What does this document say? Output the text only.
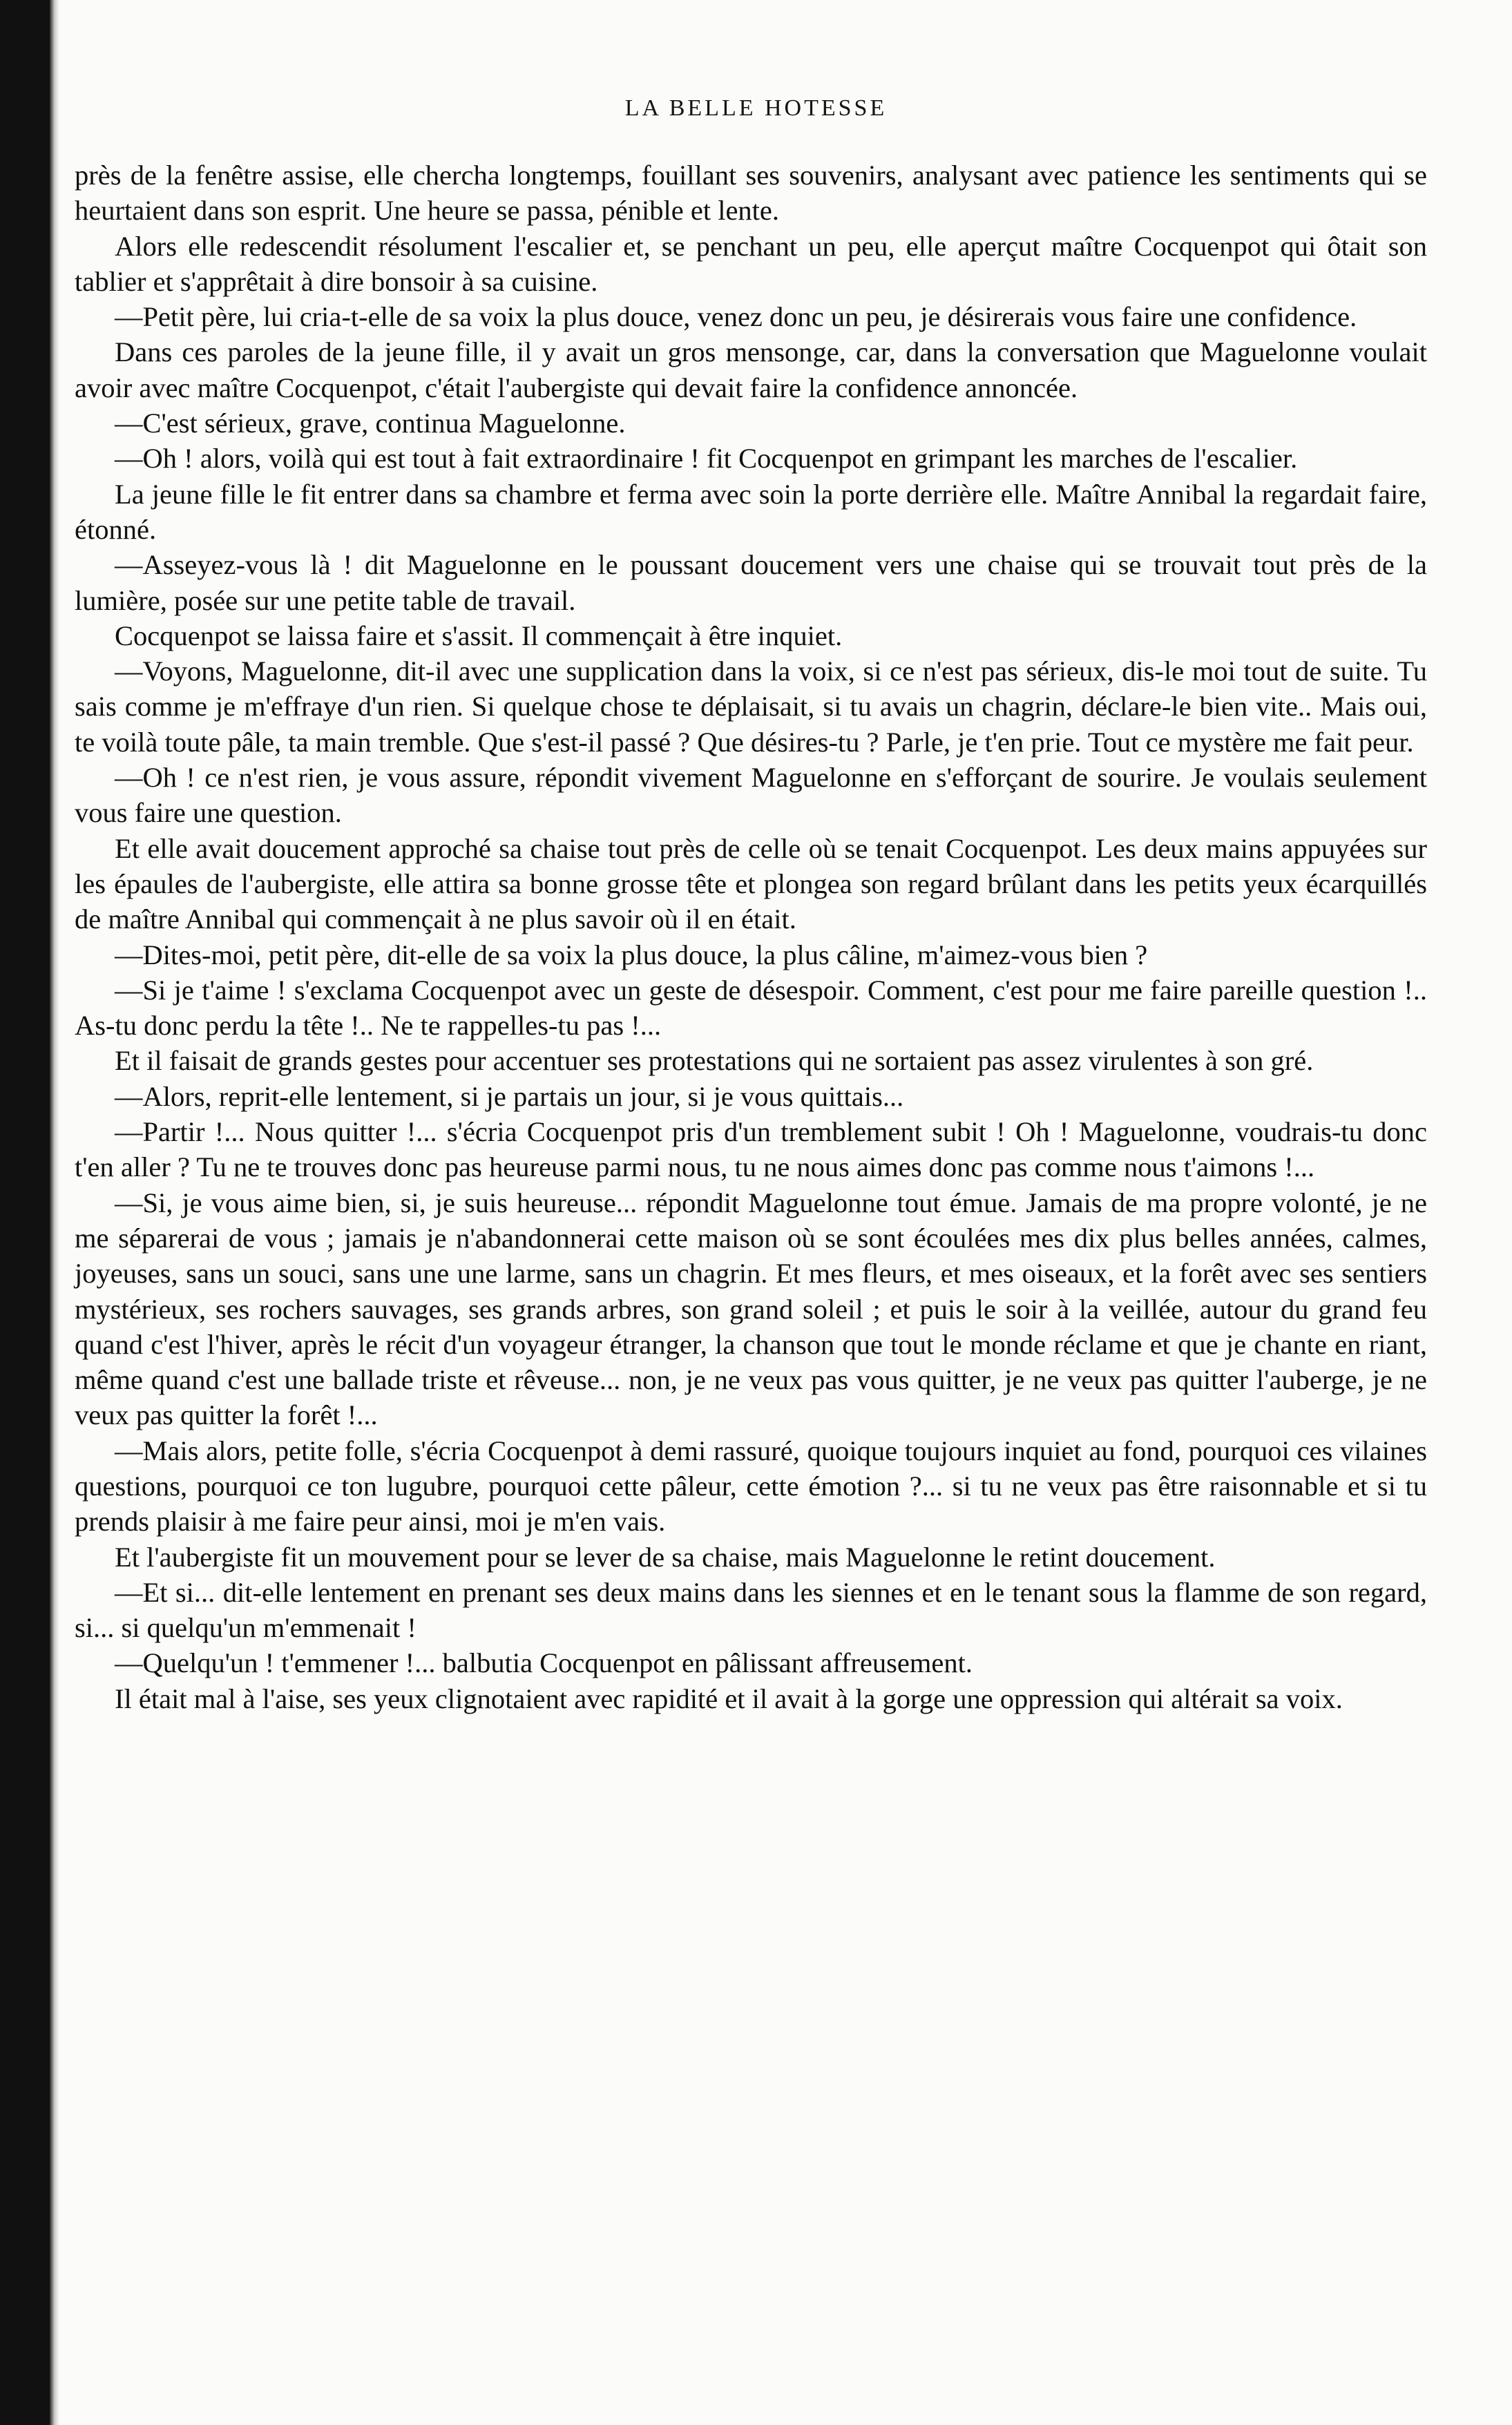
LA BELLE HOTESSE

près de la fenêtre assise, elle chercha longtemps, fouillant ses souvenirs, analysant avec patience les sentiments qui se heurtaient dans son esprit. Une heure se passa, pénible et lente.

Alors elle redescendit résolument l'escalier et, se penchant un peu, elle aperçut maître Cocquenpot qui ôtait son tablier et s'apprêtait à dire bonsoir à sa cuisine.

—Petit père, lui cria-t-elle de sa voix la plus douce, venez donc un peu, je désirerais vous faire une confidence.

Dans ces paroles de la jeune fille, il y avait un gros mensonge, car, dans la conversation que Maguelonne voulait avoir avec maître Cocquenpot, c'était l'aubergiste qui devait faire la confidence annoncée.

—C'est sérieux, grave, continua Maguelonne.

—Oh ! alors, voilà qui est tout à fait extraordinaire ! fit Cocquenpot en grimpant les marches de l'escalier.

La jeune fille le fit entrer dans sa chambre et ferma avec soin la porte derrière elle. Maître Annibal la regardait faire, étonné.

—Asseyez-vous là ! dit Maguelonne en le poussant doucement vers une chaise qui se trouvait tout près de la lumière, posée sur une petite table de travail.

Cocquenpot se laissa faire et s'assit. Il commençait à être inquiet.

—Voyons, Maguelonne, dit-il avec une supplication dans la voix, si ce n'est pas sérieux, dis-le moi tout de suite. Tu sais comme je m'effraye d'un rien. Si quelque chose te déplaisait, si tu avais un chagrin, déclare-le bien vite.. Mais oui, te voilà toute pâle, ta main tremble. Que s'est-il passé ? Que désires-tu ? Parle, je t'en prie. Tout ce mystère me fait peur.

—Oh ! ce n'est rien, je vous assure, répondit vivement Maguelonne en s'efforçant de sourire. Je voulais seulement vous faire une question.

Et elle avait doucement approché sa chaise tout près de celle où se tenait Cocquenpot. Les deux mains appuyées sur les épaules de l'aubergiste, elle attira sa bonne grosse tête et plongea son regard brûlant dans les petits yeux écarquillés de maître Annibal qui commençait à ne plus savoir où il en était.

—Dites-moi, petit père, dit-elle de sa voix la plus douce, la plus câline, m'aimez-vous bien ?

—Si je t'aime ! s'exclama Cocquenpot avec un geste de désespoir. Comment, c'est pour me faire pareille question !.. As-tu donc perdu la tête !.. Ne te rappelles-tu pas !...

Et il faisait de grands gestes pour accentuer ses protestations qui ne sortaient pas assez virulentes à son gré.

—Alors, reprit-elle lentement, si je partais un jour, si je vous quittais...

—Partir !... Nous quitter !... s'écria Cocquenpot pris d'un tremblement subit ! Oh ! Maguelonne, voudrais-tu donc t'en aller ? Tu ne te trouves donc pas heureuse parmi nous, tu ne nous aimes donc pas comme nous t'aimons !...

—Si, je vous aime bien, si, je suis heureuse... répondit Maguelonne tout émue. Jamais de ma propre volonté, je ne me séparerai de vous ; jamais je n'abandonnerai cette maison où se sont écoulées mes dix plus belles années, calmes, joyeuses, sans un souci, sans une une larme, sans un chagrin. Et mes fleurs, et mes oiseaux, et la forêt avec ses sentiers mystérieux, ses rochers sauvages, ses grands arbres, son grand soleil ; et puis le soir à la veillée, autour du grand feu quand c'est l'hiver, après le récit d'un voyageur étranger, la chanson que tout le monde réclame et que je chante en riant, même quand c'est une ballade triste et rêveuse... non, je ne veux pas vous quitter, je ne veux pas quitter l'auberge, je ne veux pas quitter la forêt !...

—Mais alors, petite folle, s'écria Cocquenpot à demi rassuré, quoique toujours inquiet au fond, pourquoi ces vilaines questions, pourquoi ce ton lugubre, pourquoi cette pâleur, cette émotion ?... si tu ne veux pas être raisonnable et si tu prends plaisir à me faire peur ainsi, moi je m'en vais.

Et l'aubergiste fit un mouvement pour se lever de sa chaise, mais Maguelonne le retint doucement.

—Et si... dit-elle lentement en prenant ses deux mains dans les siennes et en le tenant sous la flamme de son regard, si... si quelqu'un m'emmenait !

—Quelqu'un ! t'emmener !... balbutia Cocquenpot en pâlissant affreusement.

Il était mal à l'aise, ses yeux clignotaient avec rapidité et il avait à la gorge une oppression qui altérait sa voix.
